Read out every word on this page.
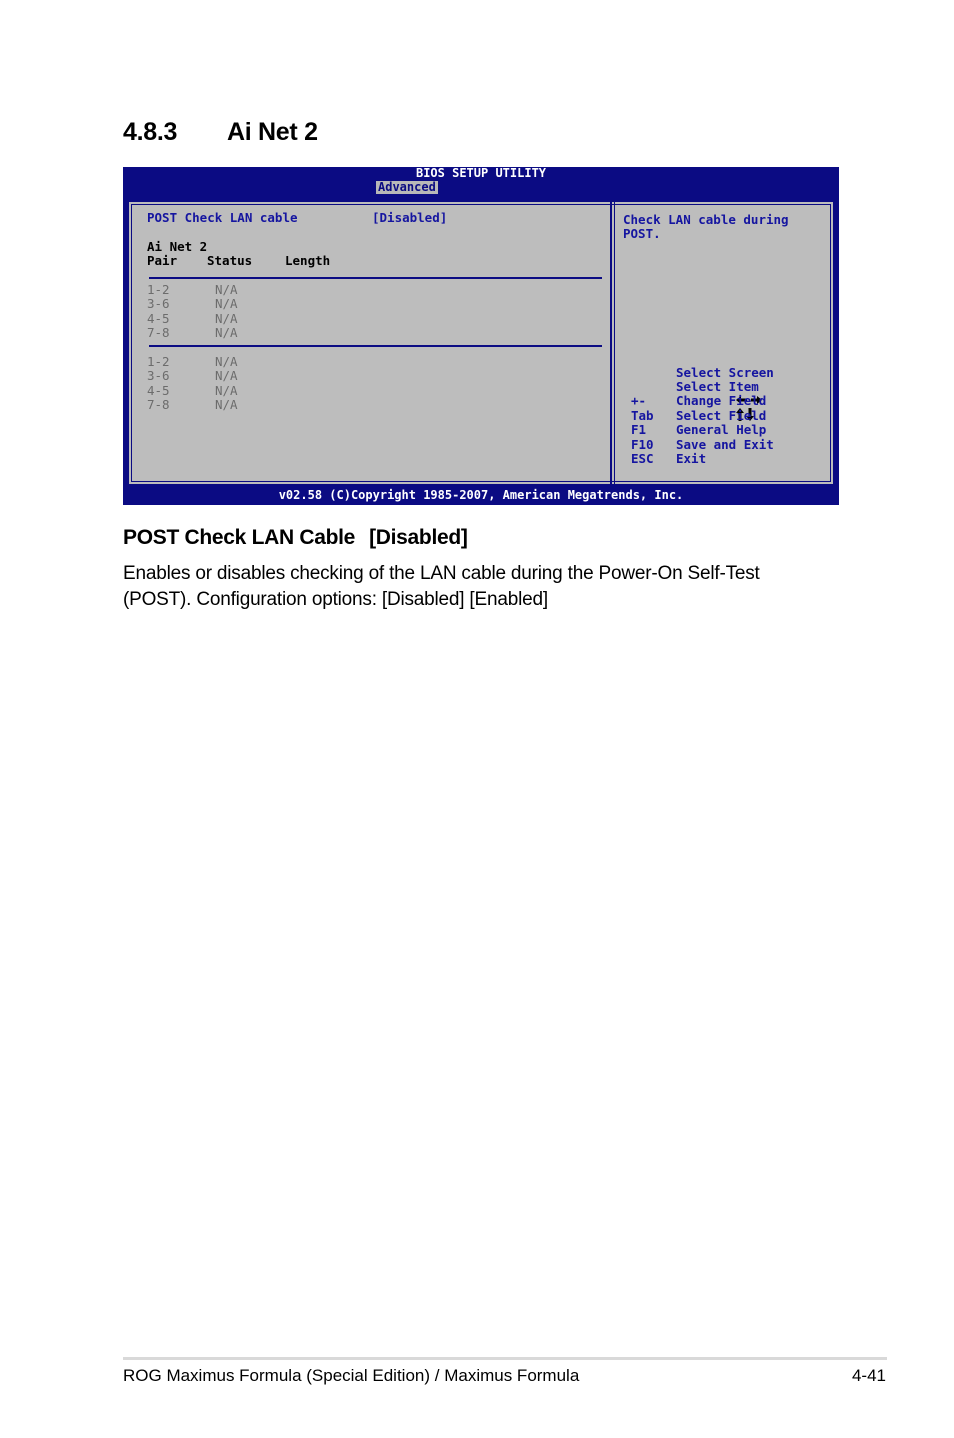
4.8.3 Ai Net 2
BIOS SETUP UTILITY
Advanced
POST Check LAN cable	[Disabled]
Ai Net 2
Pair Status	Length
1-2	N/A
3-6	N/A
4-5	N/A
7-8	N/A
1-2	N/A
3-6	N/A
4-5	N/A
7-8	N/A
Check LAN cable during
POST.

Select Screen

Select Item
+- Change Field
Tab Select Field
F1 General Help
F10 Save and Exit
ESC Exit
v02.58 (C)Copyright 1985-2007, American Megatrends, Inc.
POST Check LAN Cable [Disabled]

Enables or disables checking of the LAN cable during the Power-On Self-Test (POST). Configuration options: [Disabled] [Enabled]

ROG Maximus Formula (Special Edition) / Maximus Formula	4-41
